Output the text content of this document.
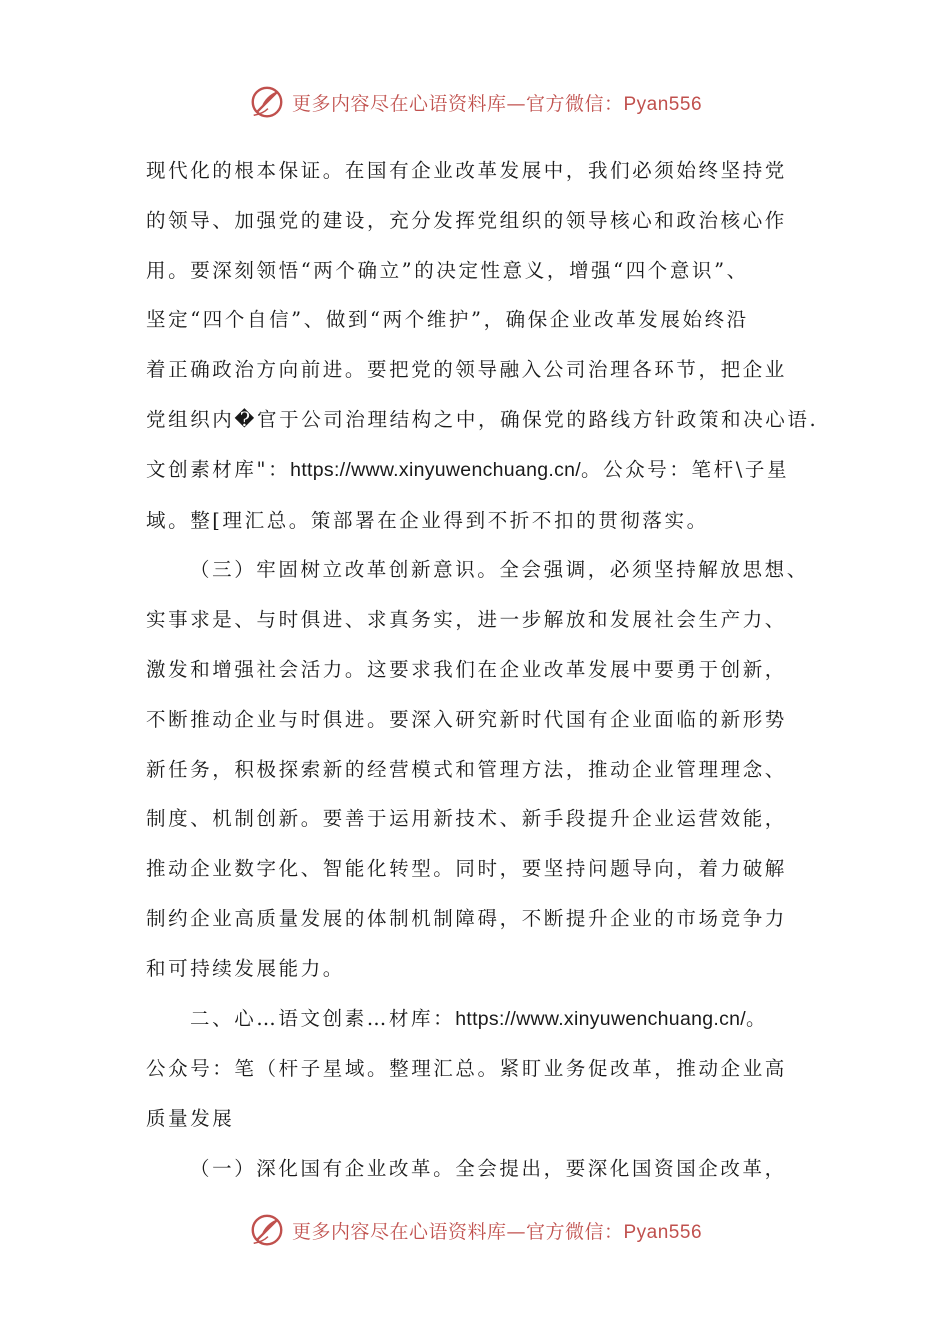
更多内容尽在心语资料库—官方微信：Pyan556

现代化的根本保证。在国有企业改革发展中，我们必须始终坚持党

的领导、加强党的建设，充分发挥党组织的领导核心和政治核心作

用。要深刻领悟“两个确立”的决定性意义，增强“四个意识”、

坚定“四个自信”、做到“两个维护”，确保企业改革发展始终沿

着正确政治方向前进。要把党的领导融入公司治理各环节，把企业

党组织内�官于公司治理结构之中，确保党的路线方针政策和决心语.

文创素材库"：https://www.xinyuwenchuang.cn/。公众号：笔杆\子星

域。整[理汇总。策部署在企业得到不折不扣的贯彻落实。

（三）牢固树立改革创新意识。全会强调，必须坚持解放思想、

实事求是、与时俱进、求真务实，进一步解放和发展社会生产力、

激发和增强社会活力。这要求我们在企业改革发展中要勇于创新，

不断推动企业与时俱进。要深入研究新时代国有企业面临的新形势

新任务，积极探索新的经营模式和管理方法，推动企业管理理念、

制度、机制创新。要善于运用新技术、新手段提升企业运营效能，

推动企业数字化、智能化转型。同时，要坚持问题导向，着力破解

制约企业高质量发展的体制机制障碍，不断提升企业的市场竞争力

和可持续发展能力。

二、心…语文创素…材库：https://www.xinyuwenchuang.cn/。

公众号：笔（杆子星域。整理汇总。紧盯业务促改革，推动企业高

质量发展

（一）深化国有企业改革。全会提出，要深化国资国企改革，

更多内容尽在心语资料库—官方微信：Pyan556
